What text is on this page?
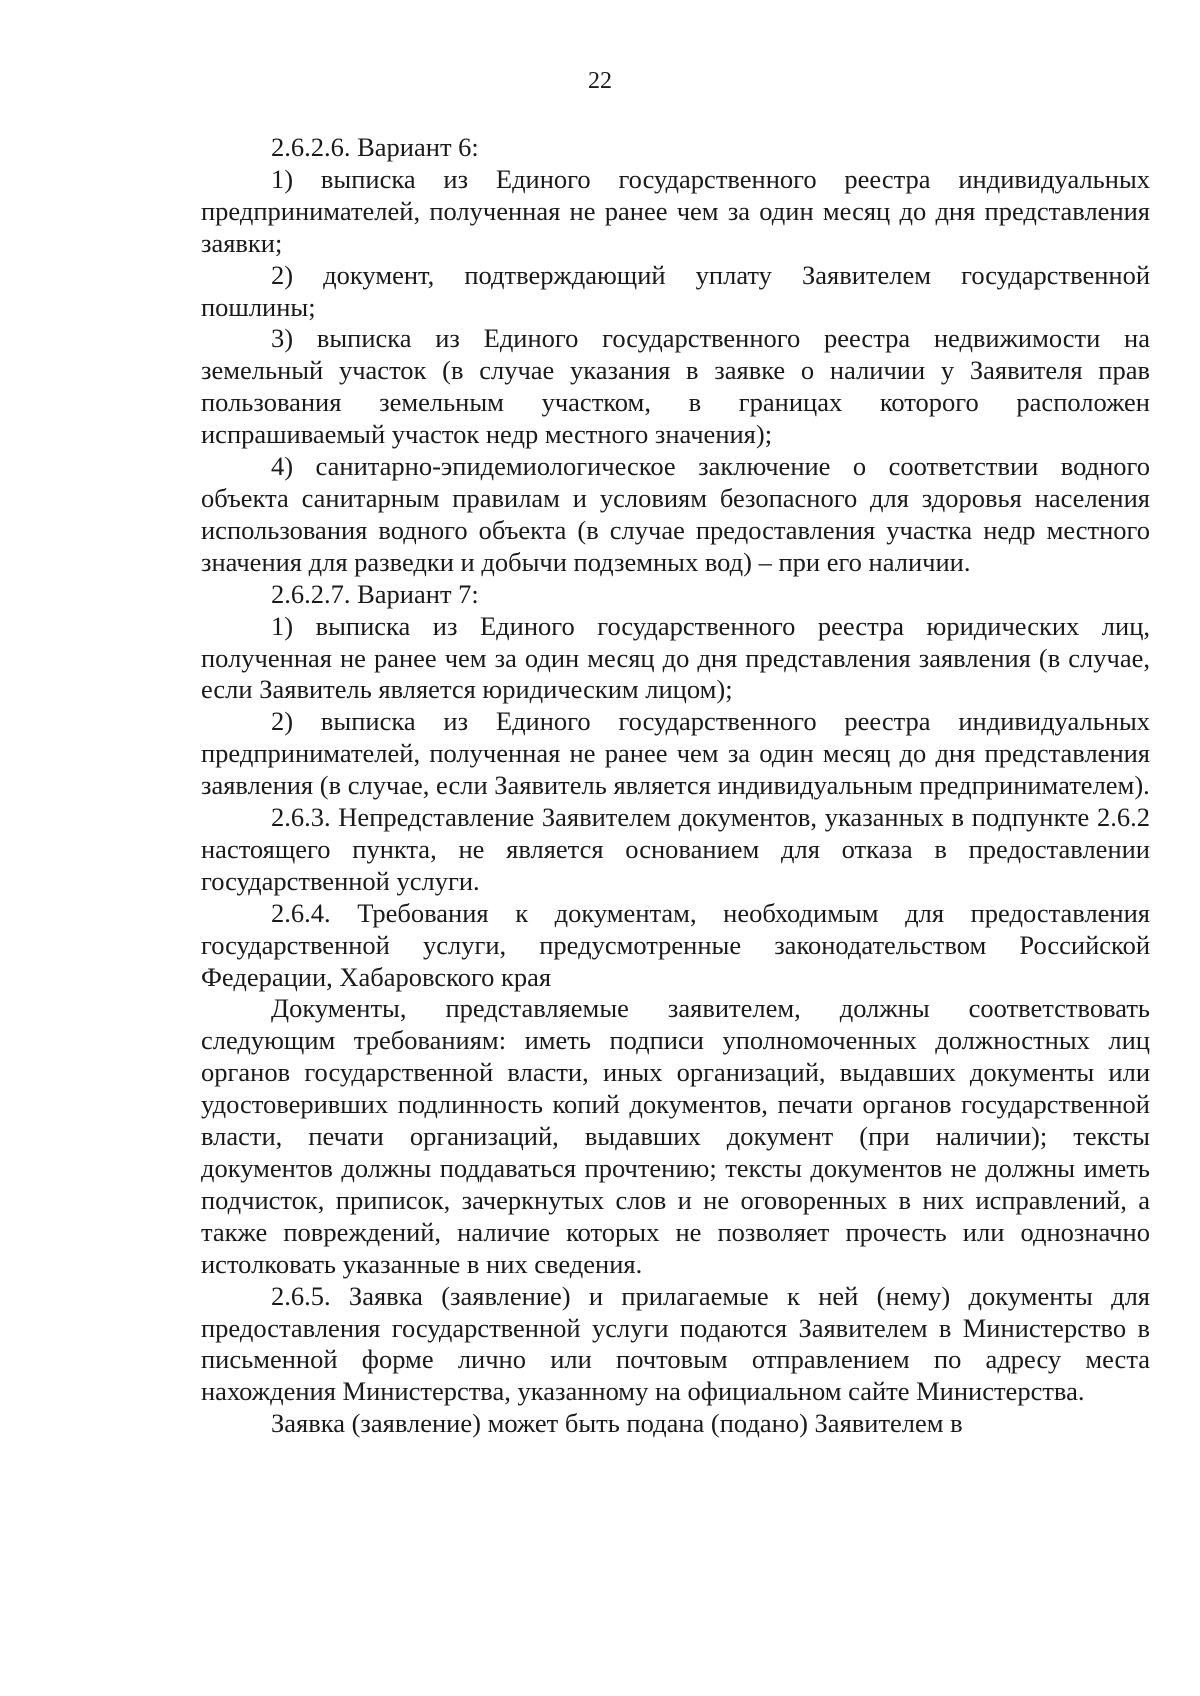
22

2.6.2.6. Вариант 6:

1) выписка из Единого государственного реестра индивидуальных предпринимателей, полученная не ранее чем за один месяц до дня представления заявки;

2) документ, подтверждающий уплату Заявителем государственной пошлины;

3) выписка из Единого государственного реестра недвижимости на земельный участок (в случае указания в заявке о наличии у Заявителя прав пользования земельным участком, в границах которого расположен испрашиваемый участок недр местного значения);

4) санитарно-эпидемиологическое заключение о соответствии водного объекта санитарным правилам и условиям безопасного для здоровья населения использования водного объекта (в случае предоставления участка недр местного значения для разведки и добычи подземных вод) – при его наличии.

2.6.2.7. Вариант 7:

1) выписка из Единого государственного реестра юридических лиц, полученная не ранее чем за один месяц до дня представления заявления (в случае, если Заявитель является юридическим лицом);

2) выписка из Единого государственного реестра индивидуальных предпринимателей, полученная не ранее чем за один месяц до дня представления заявления (в случае, если Заявитель является индивидуальным предпринимателем).

2.6.3. Непредставление Заявителем документов, указанных в подпункте 2.6.2 настоящего пункта, не является основанием для отказа в предоставлении государственной услуги.

2.6.4. Требования к документам, необходимым для предоставления государственной услуги, предусмотренные законодательством Российской Федерации, Хабаровского края

Документы, представляемые заявителем, должны соответствовать следующим требованиям: иметь подписи уполномоченных должностных лиц органов государственной власти, иных организаций, выдавших документы или удостоверивших подлинность копий документов, печати органов государственной власти, печати организаций, выдавших документ (при наличии); тексты документов должны поддаваться прочтению; тексты документов не должны иметь подчисток, приписок, зачеркнутых слов и не оговоренных в них исправлений, а также повреждений, наличие которых не позволяет прочесть или однозначно истолковать указанные в них сведения.

2.6.5. Заявка (заявление) и прилагаемые к ней (нему) документы для предоставления государственной услуги подаются Заявителем в Министерство в письменной форме лично или почтовым отправлением по адресу места нахождения Министерства, указанному на официальном сайте Министерства.

Заявка (заявление) может быть подана (подано) Заявителем в
